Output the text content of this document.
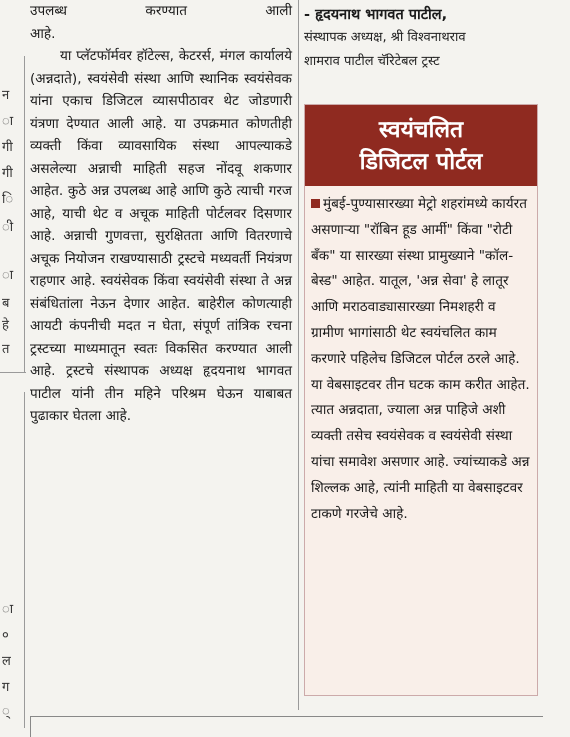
न
ा
गी
गी
ि
ी
ा
ब
हे
त
ा
०
ल
ग
्

उपलब्ध करण्यात आली

आहे.

या प्लॅटफॉर्मवर हॉटेल्स, केटरर्स, मंगल कार्यालये (अन्नदाते), स्वयंसेवी संस्था आणि स्थानिक स्वयंसेवक यांना एकाच डिजिटल व्यासपीठावर थेट जोडणारी यंत्रणा देण्यात आली आहे. या उपक्रमात कोणतीही व्यक्ती किंवा व्यावसायिक संस्था आपल्याकडे असलेल्या अन्नाची माहिती सहज नोंदवू शकणार आहेत. कुठे अन्न उपलब्ध आहे आणि कुठे त्याची गरज आहे, याची थेट व अचूक माहिती पोर्टलवर दिसणार आहे. अन्नाची गुणवत्ता, सुरक्षितता आणि वितरणाचे अचूक नियोजन राखण्यासाठी ट्रस्टचे मध्यवर्ती नियंत्रण राहणार आहे. स्वयंसेवक किंवा स्वयंसेवी संस्था ते अन्न संबंधितांला नेऊन देणार आहेत. बाहेरील कोणत्याही आयटी कंपनीची मदत न घेता, संपूर्ण तांत्रिक रचना ट्रस्टच्या माध्यमातून स्वतः विकसित करण्यात आली आहे. ट्रस्टचे संस्थापक अध्यक्ष हृदयनाथ भागवत पाटील यांनी तीन महिने परिश्रम घेऊन याबाबत पुढाकार घेतला आहे.

- हृदयनाथ भागवत पाटील,
संस्थापक अध्यक्ष, श्री विश्वनाथराव
शामराव पाटील चॅरिटेबल ट्रस्ट
स्वयंचलित
डिजिटल पोर्टल
मुंबई-पुण्यासारख्या मेट्रो शहरांमध्ये कार्यरत असणाऱ्या "रॉबिन हूड आर्मी" किंवा "रोटी बँक" या सारख्या संस्था प्रामुख्याने "कॉल-बेस्ड" आहेत. यातूल, 'अन्न सेवा' हे लातूर आणि मराठवाड्यासारख्या निमशहरी व ग्रामीण भागांसाठी थेट स्वयंचलित काम करणारे पहिलेच डिजिटल पोर्टल ठरले आहे. या वेबसाइटवर तीन घटक काम करीत आहेत. त्यात अन्नदाता, ज्याला अन्न पाहिजे अशी व्यक्ती तसेच स्वयंसेवक व स्वयंसेवी संस्था यांचा समावेश असणार आहे. ज्यांच्याकडे अन्न शिल्लक आहे, त्यांनी माहिती या वेबसाइटवर टाकणे गरजेचे आहे.
